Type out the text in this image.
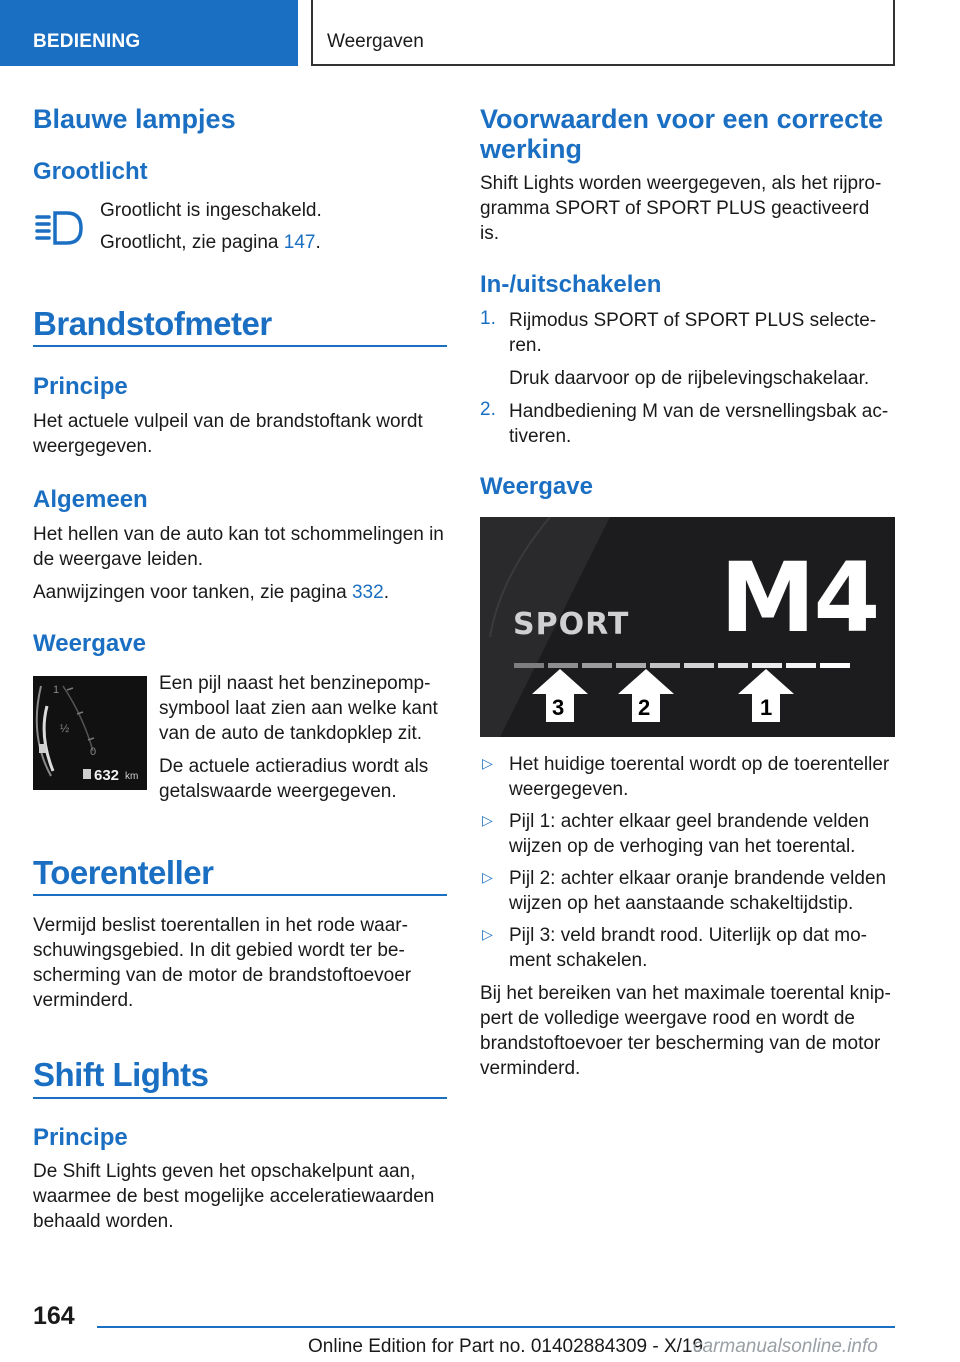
BEDIENING	Weergaven
Blauwe lampjes
Grootlicht
Grootlicht is ingeschakeld.
Grootlicht, zie pagina 147.
Brandstofmeter
Principe
Het actuele vulpeil van de brandstoftank wordt
weergegeven.
Algemeen
Het hellen van de auto kan tot schommelingen in
de weergave leiden.
Aanwijzingen voor tanken, zie pagina 332.
Weergave
1
½
0
632 km
Een pijl naast het benzinepomp-
symbool laat zien aan welke kant
van de auto de tankdopklep zit.
De actuele actieradius wordt als
getalswaarde weergegeven.
Toerenteller
Vermijd beslist toerentallen in het rode waar-
schuwingsgebied. In dit gebied wordt ter be-
scherming van de motor de brandstoftoevoer
verminderd.
Shift Lights
Principe
De Shift Lights geven het opschakelpunt aan,
waarmee de best mogelijke acceleratiewaarden
behaald worden.
Voorwaarden voor een correcte
werking
Shift Lights worden weergegeven, als het rijpro-
gramma SPORT of SPORT PLUS geactiveerd
is.
In-/uitschakelen
1. Rijmodus SPORT of SPORT PLUS selecte-
ren.
Druk daarvoor op de rijbelevingschakelaar.
2. Handbediening M van de versnellingsbak ac-
tiveren.
Weergave
SPORT M4
3	2	1
▷ Het huidige toerental wordt op de toerenteller
weergegeven.
▷ Pijl 1: achter elkaar geel brandende velden
wijzen op de verhoging van het toerental.
▷ Pijl 2: achter elkaar oranje brandende velden
wijzen op het aanstaande schakeltijdstip.
▷ Pijl 3: veld brandt rood. Uiterlijk op dat mo-
ment schakelen.
Bij het bereiken van het maximale toerental knip-
pert de volledige weergave rood en wordt de
brandstoftoevoer ter bescherming van de motor
verminderd.
164
Online Edition for Part no. 01402884309 - X/19
carmanualsonline.info
